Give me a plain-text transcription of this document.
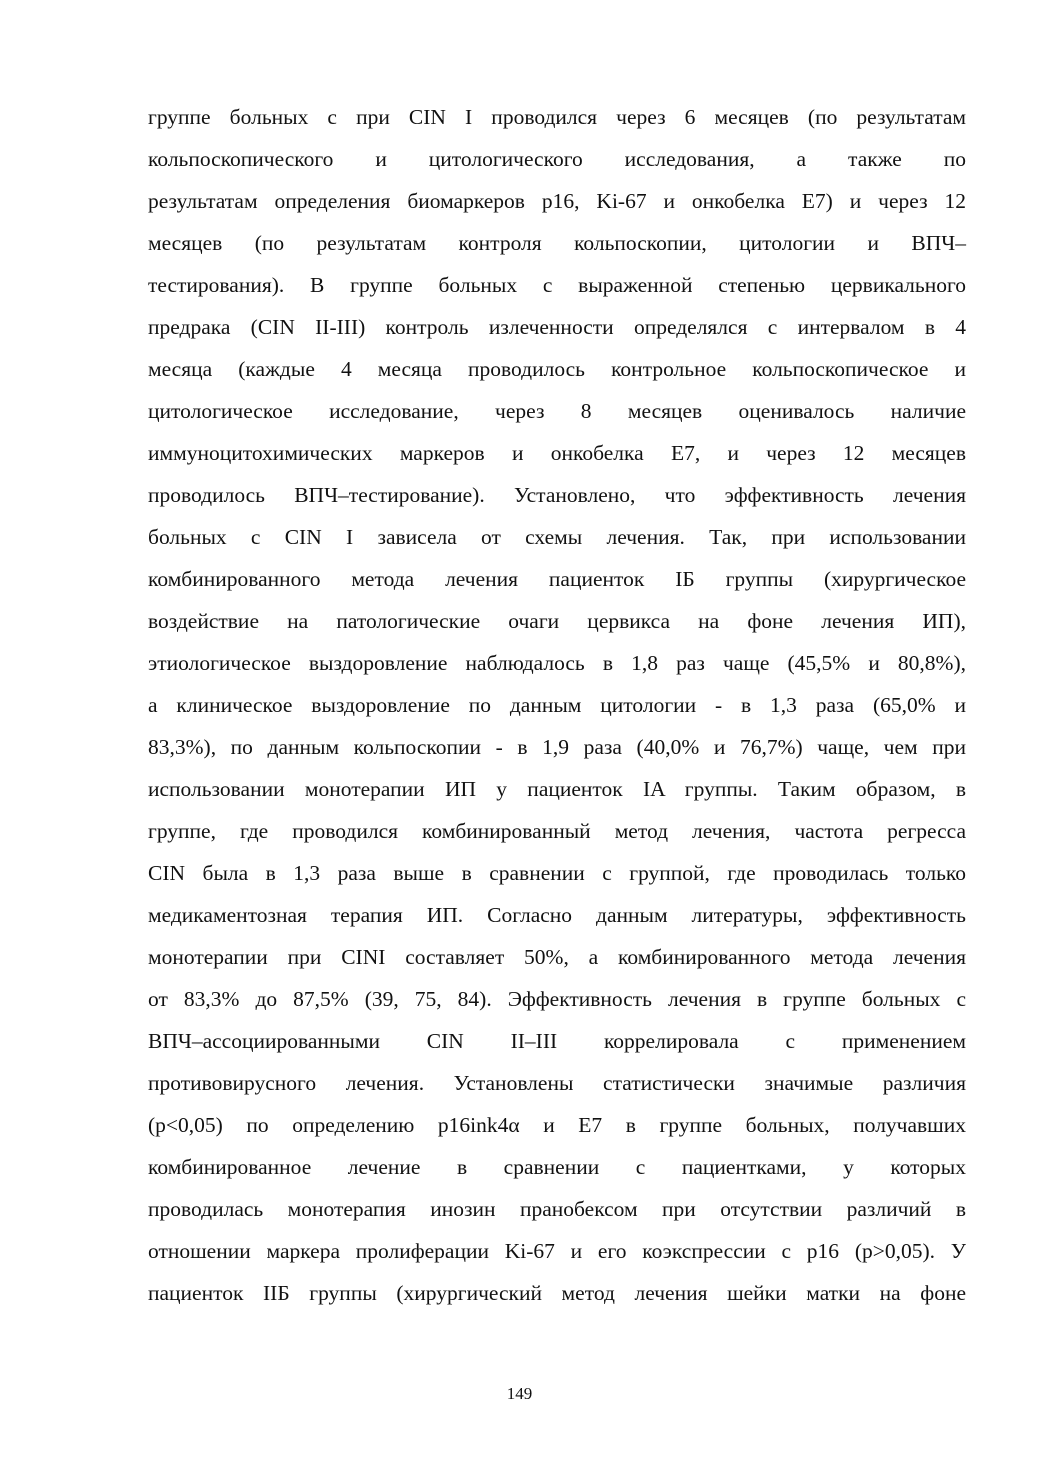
группе больных с при CIN I проводился через 6 месяцев (по результатам
кольпоскопического и цитологического исследования, а также по
результатам определения биомаркеров p16, Ki-67 и онкобелка E7) и через 12
месяцев (по результатам контроля кольпоскопии, цитологии и ВПЧ–
тестирования). В группе больных с выраженной степенью цервикального
предрака (CIN II-III) контроль излеченности определялся с интервалом в 4
месяца (каждые 4 месяца проводилось контрольное кольпоскопическое и
цитологическое исследование, через 8 месяцев оценивалось наличие
иммуноцитохимических маркеров и онкобелка E7, и через 12 месяцев
проводилось ВПЧ–тестирование). Установлено, что эффективность лечения
больных с CIN I зависела от схемы лечения. Так, при использовании
комбинированного метода лечения пациенток IБ группы (хирургическое
воздействие на патологические очаги цервикса на фоне лечения ИП),
этиологическое выздоровление наблюдалось в 1,8 раз чаще (45,5% и 80,8%),
а клиническое выздоровление по данным цитологии - в 1,3 раза (65,0% и
83,3%), по данным кольпоскопии - в 1,9 раза (40,0% и 76,7%) чаще, чем при
использовании монотерапии ИП у пациенток IA группы. Таким образом, в
группе, где проводился комбинированный метод лечения, частота регресса
CIN была в 1,3 раза выше в сравнении с группой, где проводилась только
медикаментозная терапия ИП. Согласно данным литературы, эффективность
монотерапии при CINI составляет 50%, а комбинированного метода лечения
от 83,3% до 87,5% (39, 75, 84). Эффективность лечения в группе больных с
ВПЧ–ассоциированными CIN II–III коррелировала с применением
противовирусного лечения. Установлены статистически значимые различия
(p<0,05) по определению p16ink4α и E7 в группе больных, получавших
комбинированное лечение в сравнении с пациентками, у которых
проводилась монотерапия инозин пранобексом при отсутствии различий в
отношении маркера пролиферации Ki-67 и его коэкспрессии с p16 (p>0,05). У
пациенток IIБ группы (хирургический метод лечения шейки матки на фоне
149
